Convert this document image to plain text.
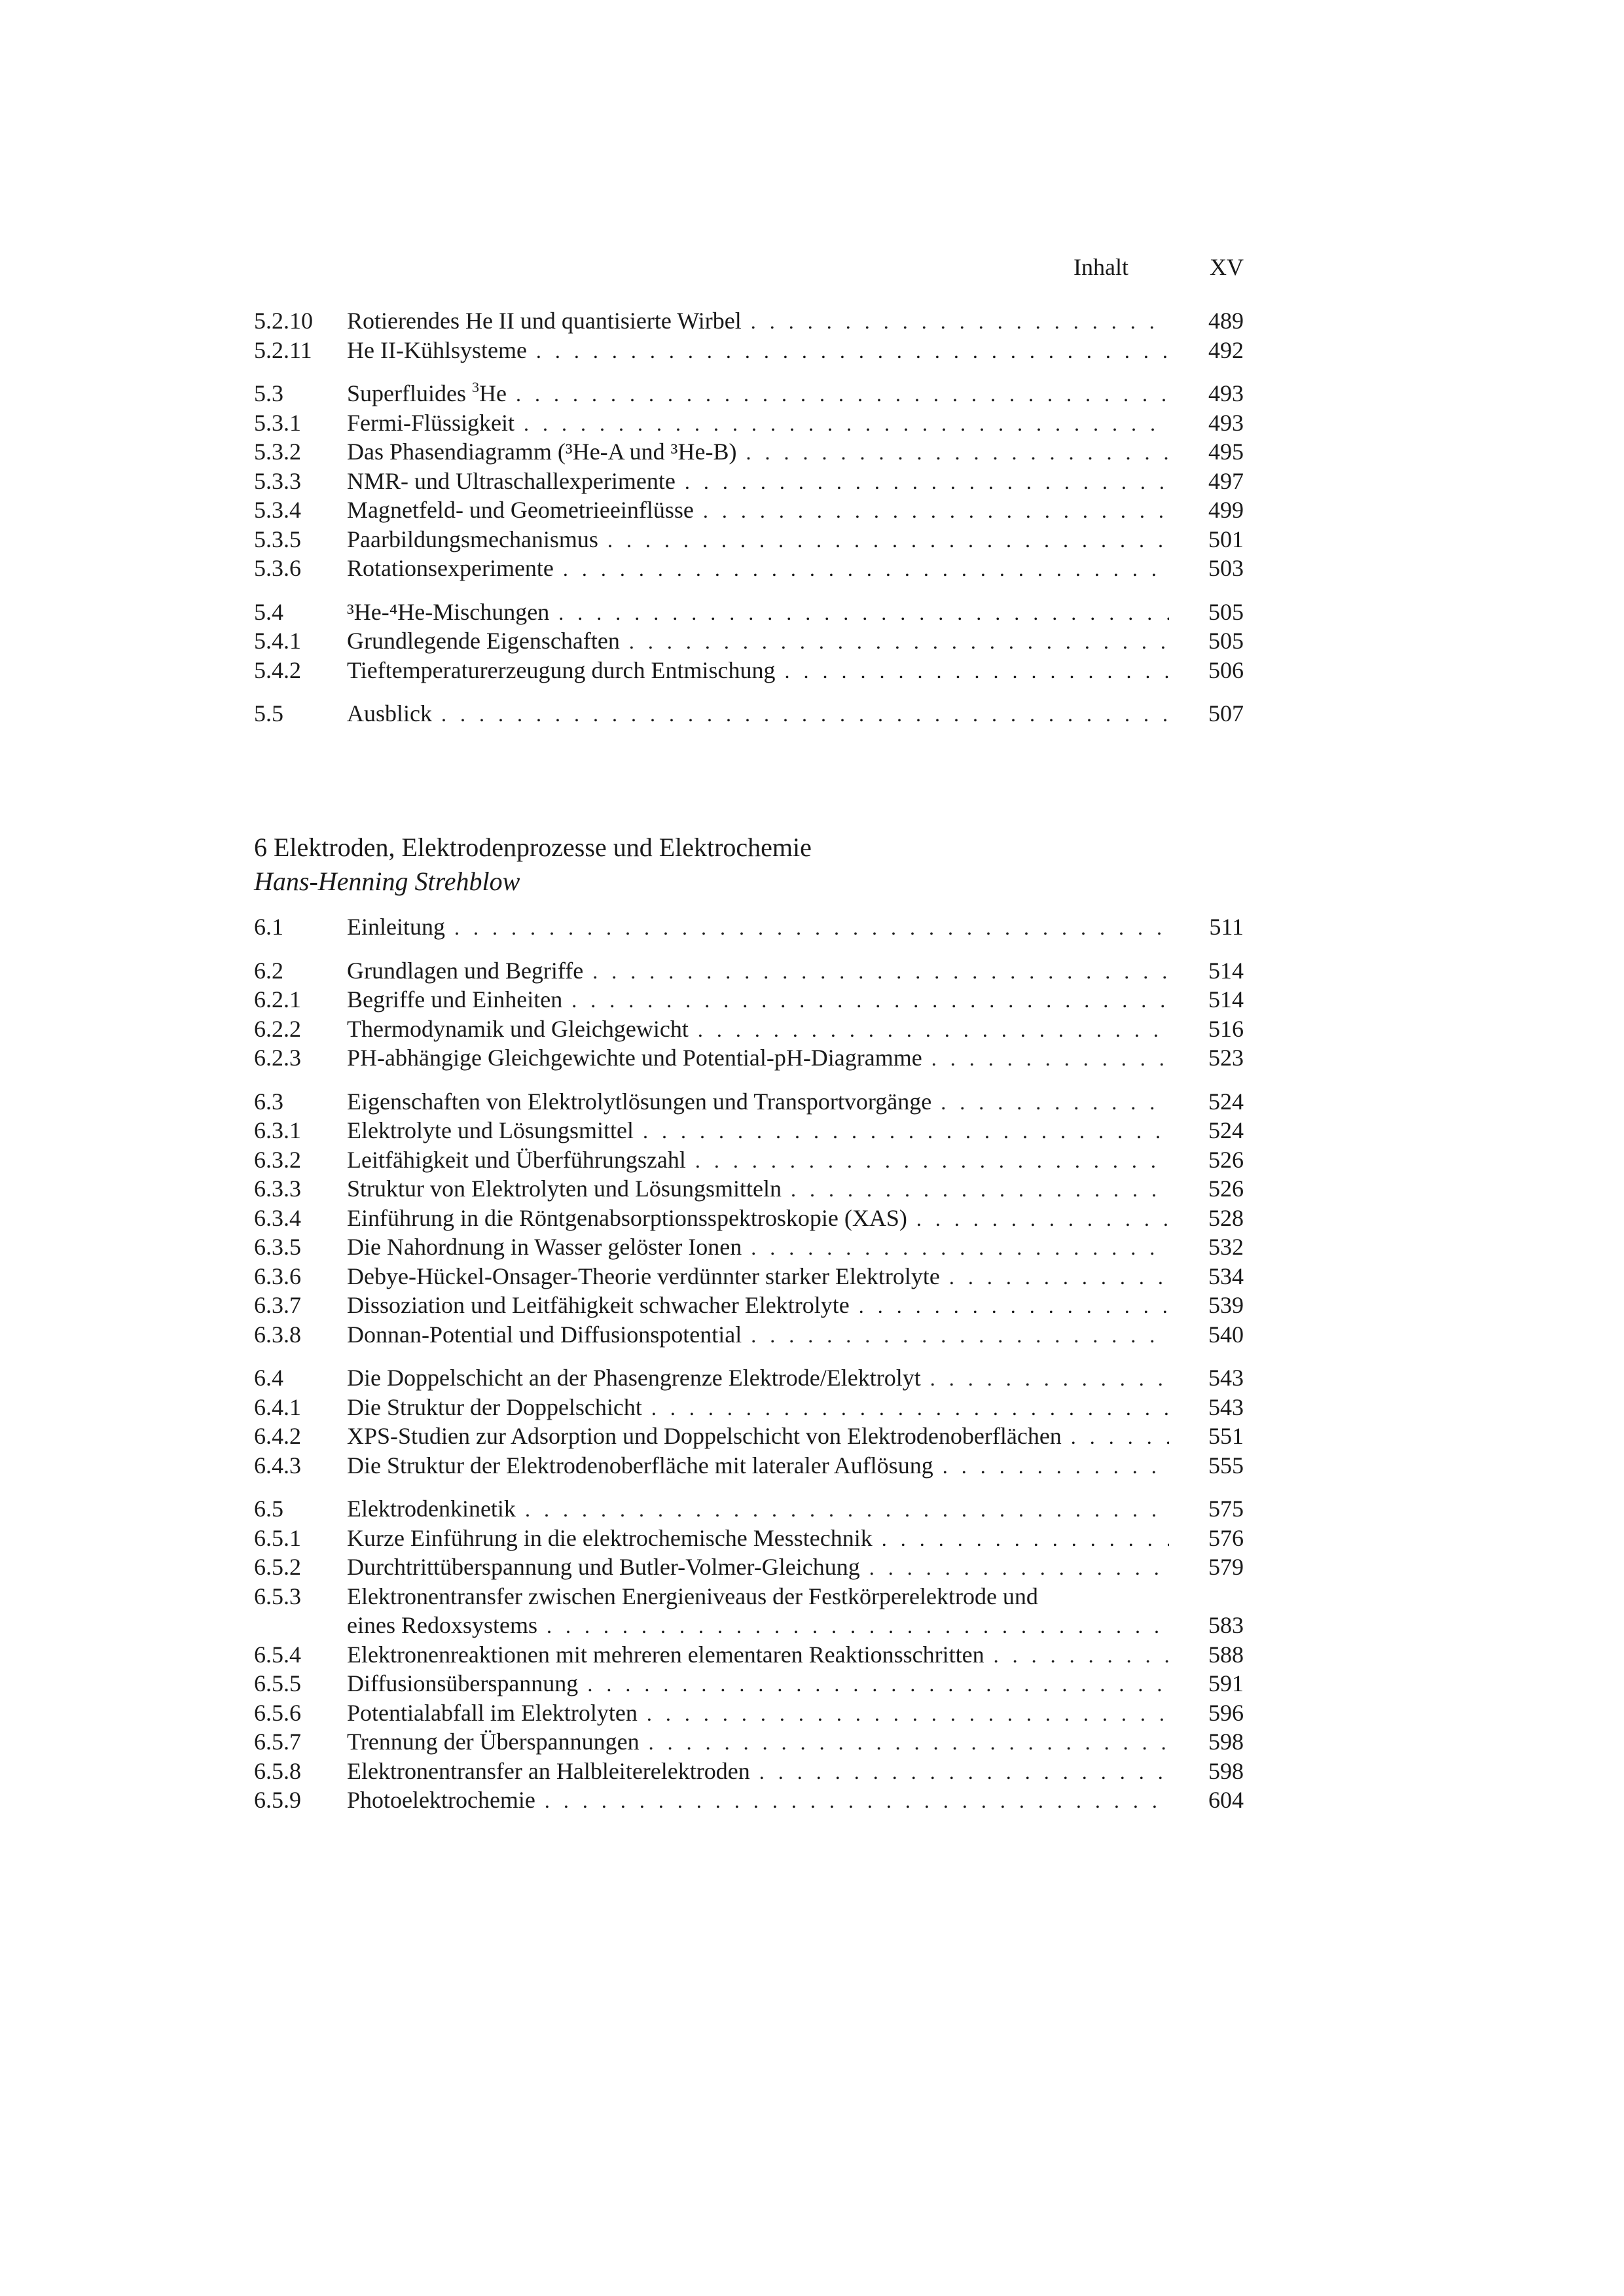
Inhalt	XV
5.2.10 Rotierendes He II und quantisierte Wirbel . . .	489
5.2.11 He II-Kühlsysteme . . .	492
5.3	Superfluides $^3$He . . .	493
5.3.1 Fermi-Flüssigkeit . . .	493
5.3.2 Das Phasendiagramm (³He-A und ³He-B) . . .	495
5.3.3 NMR- und Ultraschallexperimente . . .	497
5.3.4 Magnetfeld- und Geometrieeinflüsse . . .	499
5.3.5 Paarbildungsmechanismus . . .	501
5.3.6 Rotationsexperimente . . .	503
5.4	³He-⁴He-Mischungen . . .	505
5.4.1 Grundlegende Eigenschaften . . .	505
5.4.2 Tieftemperaturerzeugung durch Entmischung . . .	506
5.5	Ausblick . . .	507
6 Elektroden, Elektrodenprozesse und Elektrochemie
Hans-Henning Strehblow
6.1	Einleitung . . .	511
6.2	Grundlagen und Begriffe . . .	514
6.2.1 Begriffe und Einheiten . . .	514
6.2.2 Thermodynamik und Gleichgewicht . . .	516
6.2.3 PH-abhängige Gleichgewichte und Potential-pH-Diagramme . . .	523
6.3	Eigenschaften von Elektrolytlösungen und Transportvorgänge . . .	524
6.3.1 Elektrolyte und Lösungsmittel . . .	524
6.3.2 Leitfähigkeit und Überführungszahl . . .	526
6.3.3 Struktur von Elektrolyten und Lösungsmitteln . . .	526
6.3.4 Einführung in die Röntgenabsorptionsspektroskopie (XAS) . . .	528
6.3.5 Die Nahordnung in Wasser gelöster Ionen . . .	532
6.3.6 Debye-Hückel-Onsager-Theorie verdünnter starker Elektrolyte . . .	534
6.3.7 Dissoziation und Leitfähigkeit schwacher Elektrolyte . . .	539
6.3.8 Donnan-Potential und Diffusionspotential . . .	540
6.4	Die Doppelschicht an der Phasengrenze Elektrode/Elektrolyt . . .	543
6.4.1 Die Struktur der Doppelschicht . . .	543
6.4.2 XPS-Studien zur Adsorption und Doppelschicht von Elektrodenoberflächen . . .	551
6.4.3 Die Struktur der Elektrodenoberfläche mit lateraler Auflösung . . .	555
6.5	Elektrodenkinetik . . .	575
6.5.1 Kurze Einführung in die elektrochemische Messtechnik . . .	576
6.5.2 Durchtrittüberspannung und Butler-Volmer-Gleichung . . .	579
6.5.3 Elektronentransfer zwischen Energieniveaus der Festkörperelektrode und
eines Redoxsystems . . .	583
6.5.4 Elektronenreaktionen mit mehreren elementaren Reaktionsschritten . . .	588
6.5.5 Diffusionsüberspannung . . .	591
6.5.6 Potentialabfall im Elektrolyten . . .	596
6.5.7 Trennung der Überspannungen . . .	598
6.5.8 Elektronentransfer an Halbleiterelektroden . . .	598
6.5.9 Photoelektrochemie . . .	604
